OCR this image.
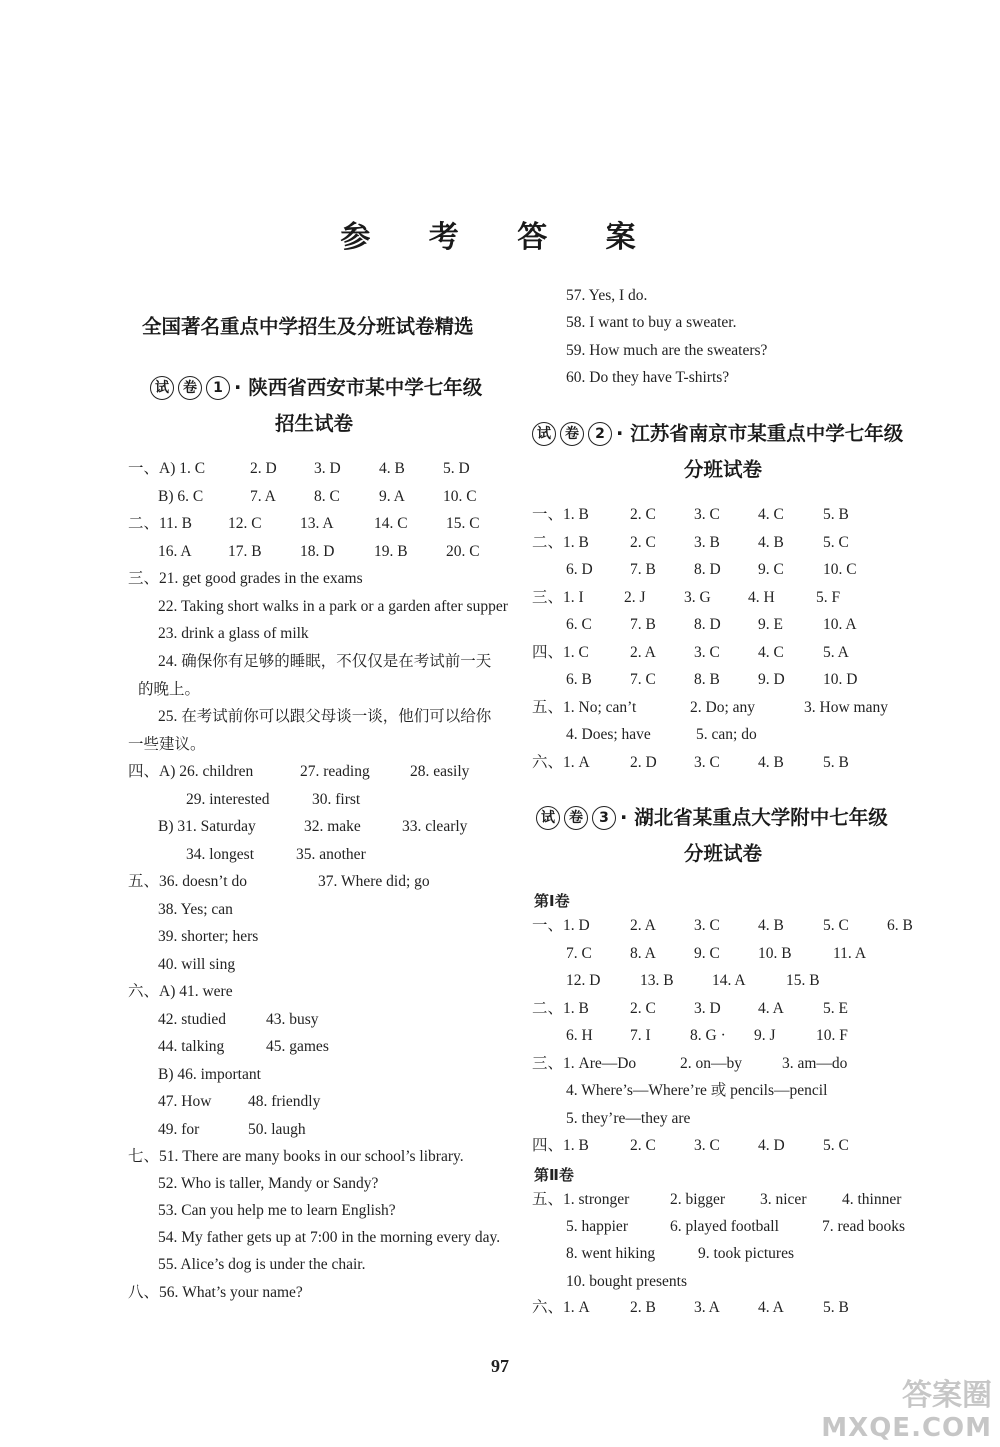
参 考 答 案
全国著名重点中学招生及分班试卷精选
试 卷 1 · 陕西省西安市某中学七年级
招生试卷
一、A) 1. C	2. D 3. D 4. B 5. D
B) 6. C	7. A 8. C	9. A 10. C
二、11. B 12. C 13. A	14. C 15. C
16. A 17. B 18. D	19. B 20. C
三、21. get good grades in the exams
22. Taking short walks in a park or a garden after supper
23. drink a glass of milk
24. 确保你有足够的睡眠，不仅仅是在考试前一天
的晚上。
25. 在考试前你可以跟父母谈一谈，他们可以给你
一些建议。
四、A) 26. children	27. reading	28. easily
29. interested	30. first
B) 31. Saturday	32. make	33. clearly
34. longest	35. another
五、36. doesn’t do	37. Where did; go
38. Yes; can
39. shorter; hers
40. will sing
六、A) 41. were
42. studied	43. busy
44. talking	45. games
B) 46. important
47. How 48. friendly
49. for	50. laugh
七、51. There are many books in our school’s library.
52. Who is taller, Mandy or Sandy?
53. Can you help me to learn English?
54. My father gets up at 7:00 in the morning every day.
55. Alice’s dog is under the chair.
八、56. What’s your name?
57. Yes, I do.
58. I want to buy a sweater.
59. How much are the sweaters?
60. Do they have T-shirts?
试 卷 2 · 江苏省南京市某重点中学七年级
分班试卷
一、1. B	2. C 3. C 4. C	5. B
二、1. B	2. C 3. B 4. B	5. C
6. D 7. B 8. D 9. C	10. C
三、1. I	2. J 3. G 4. H	5. F
6. C 7. B 8. D 9. E	10. A
四、1. C	2. A 3. C 4. C	5. A
6. B 7. C 8. B 9. D 10. D
五、1. No; can’t	2. Do; any	3. How many
4. Does; have	5. can; do
六、1. A	2. D 3. C 4. B	5. B
试 卷 3 · 湖北省某重点大学附中七年级
分班试卷
第Ⅰ卷
一、1. D	2. A 3. C 4. B	5. C 6. B
7. C 8. A 9. C 10. B	11. A
12. D	13. B 14. A	15. B
二、1. B	2. C 3. D 4. A	5. E
6. H 7. I	8. G · 9. J	10. F
三、1. Are—Do	2. on—by	3. am—do
4. Where’s—Where’re 或 pencils—pencil
5. they’re—they are
四、1. B	2. C 3. C 4. D 5. C
第Ⅱ卷
五、1. stronger	2. bigger 3. nicer 4. thinner
5. happier	6. played football	7. read books
8. went hiking	9. took pictures
10. bought presents
六、1. A	2. B 3. A 4. A	5. B
97
答案圈
MXQE.COM
